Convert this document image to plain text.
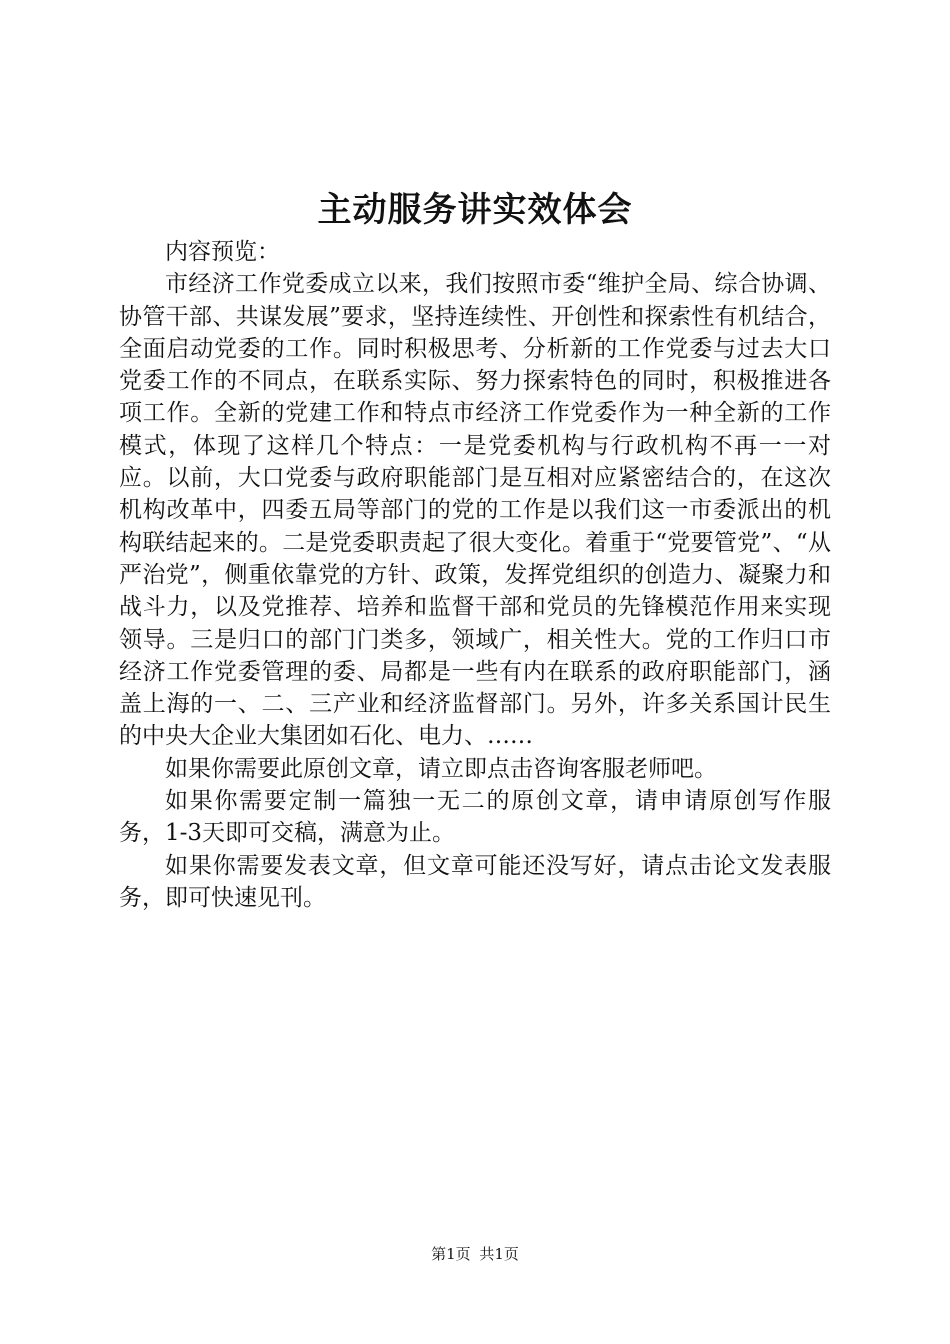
主动服务讲实效体会

内容预览：

市经济工作党委成立以来，我们按照市委“维护全局、综合协调、协管干部、共谋发展”要求，坚持连续性、开创性和探索性有机结合，全面启动党委的工作。同时积极思考、分析新的工作党委与过去大口党委工作的不同点，在联系实际、努力探索特色的同时，积极推进各项工作。全新的党建工作和特点市经济工作党委作为一种全新的工作模式，体现了这样几个特点：一是党委机构与行政机构不再一一对应。以前，大口党委与政府职能部门是互相对应紧密结合的，在这次机构改革中，四委五局等部门的党的工作是以我们这一市委派出的机构联结起来的。二是党委职责起了很大变化。着重于“党要管党”、“从严治党”，侧重依靠党的方针、政策，发挥党组织的创造力、凝聚力和战斗力，以及党推荐、培养和监督干部和党员的先锋模范作用来实现领导。三是归口的部门门类多，领域广，相关性大。党的工作归口市经济工作党委管理的委、局都是一些有内在联系的政府职能部门，涵盖上海的一、二、三产业和经济监督部门。另外，许多关系国计民生的中央大企业大集团如石化、电力、……

如果你需要此原创文章，请立即点击咨询客服老师吧。

如果你需要定制一篇独一无二的原创文章，请申请原创写作服务，1-3天即可交稿，满意为止。

如果你需要发表文章，但文章可能还没写好，请点击论文发表服务，即可快速见刊。

第1页 共1页
